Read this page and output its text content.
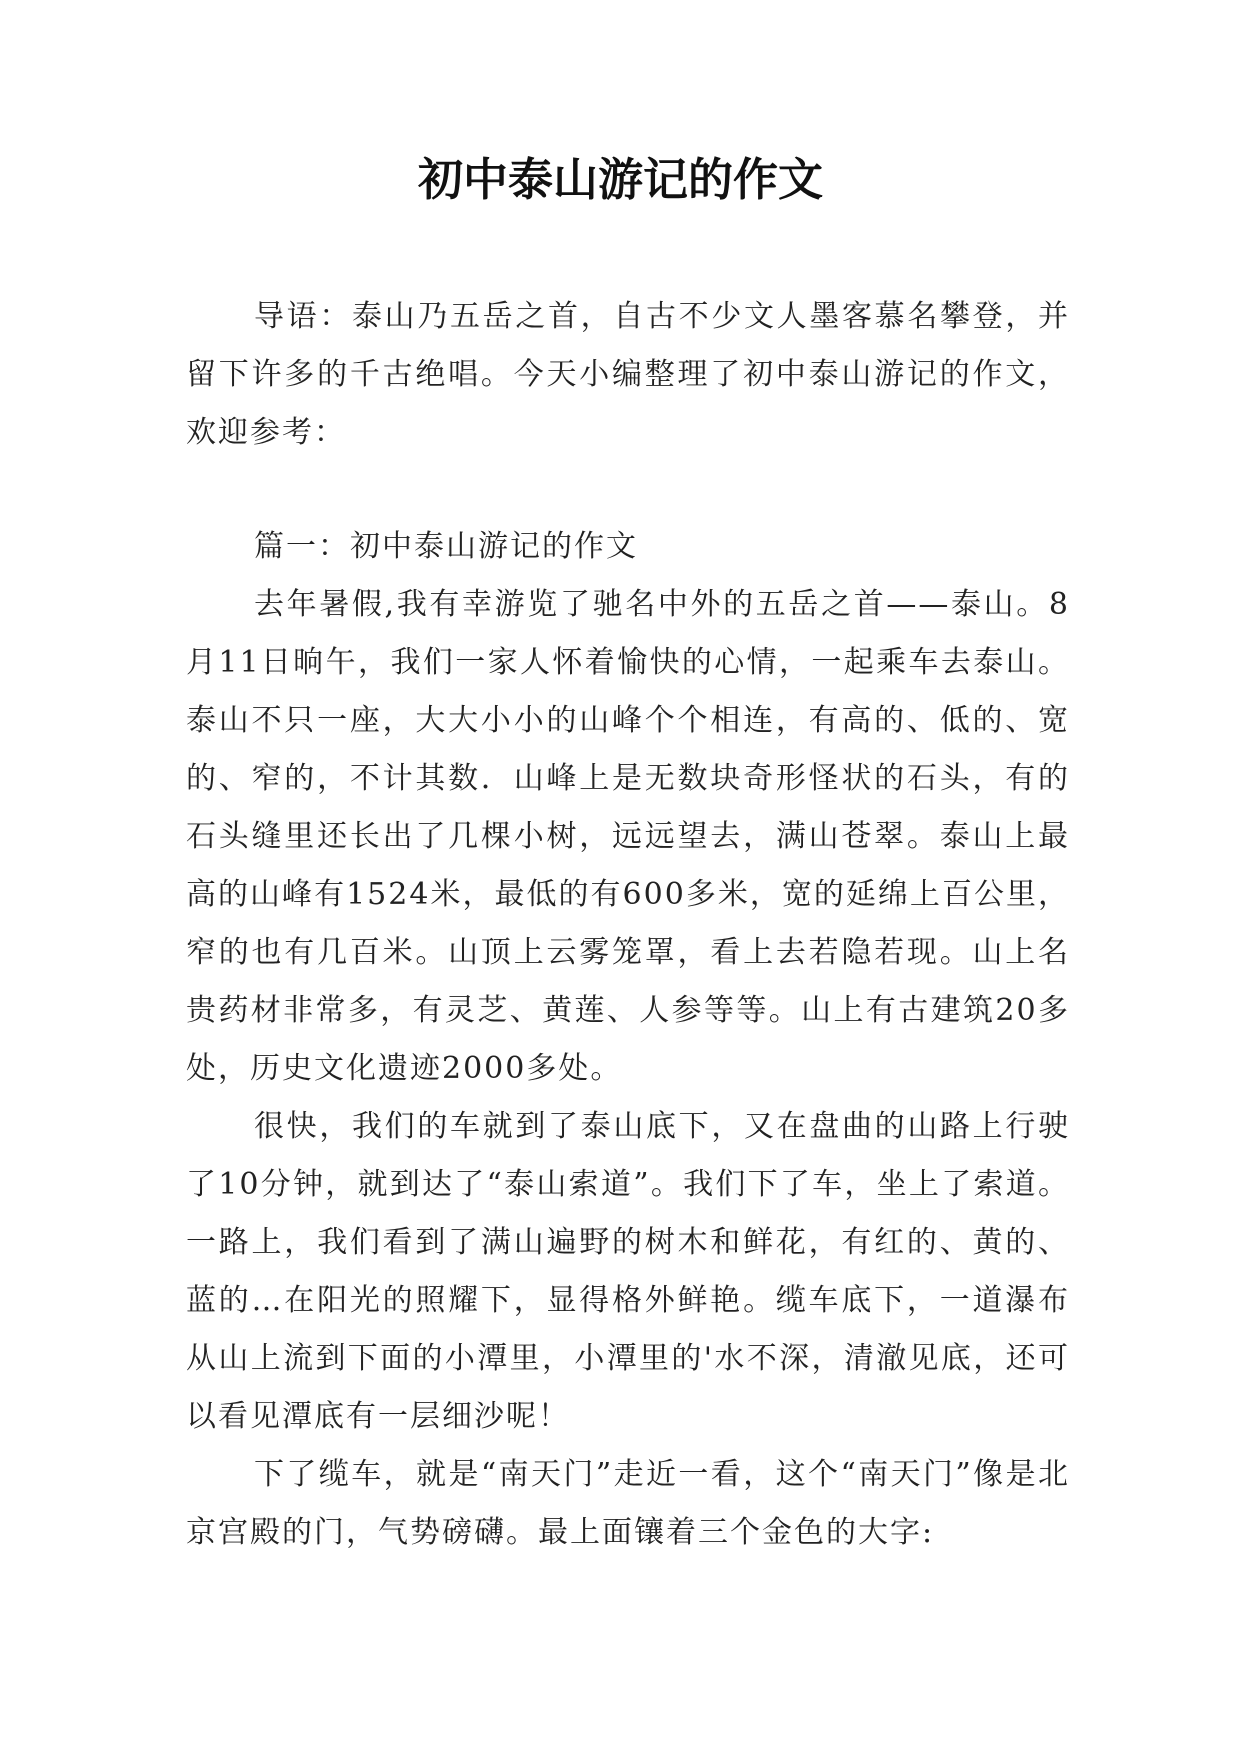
初中泰山游记的作文

导语：泰山乃五岳之首，自古不少文人墨客慕名攀登，并留下许多的千古绝唱。今天小编整理了初中泰山游记的作文，欢迎参考：

篇一：初中泰山游记的作文

去年暑假,我有幸游览了驰名中外的五岳之首——泰山。8月11日晌午，我们一家人怀着愉快的心情，一起乘车去泰山。泰山不只一座，大大小小的山峰个个相连，有高的、低的、宽的、窄的，不计其数．山峰上是无数块奇形怪状的石头，有的石头缝里还长出了几棵小树，远远望去，满山苍翠。泰山上最高的山峰有1524米，最低的有600多米，宽的延绵上百公里，窄的也有几百米。山顶上云雾笼罩，看上去若隐若现。山上名贵药材非常多，有灵芝、黄莲、人参等等。山上有古建筑20多处，历史文化遗迹2000多处。

很快，我们的车就到了泰山底下，又在盘曲的山路上行驶了10分钟，就到达了“泰山索道”。我们下了车，坐上了索道。一路上，我们看到了满山遍野的树木和鲜花，有红的、黄的、蓝的…在阳光的照耀下，显得格外鲜艳。缆车底下，一道瀑布从山上流到下面的小潭里，小潭里的'水不深，清澈见底，还可以看见潭底有一层细沙呢！

下了缆车，就是“南天门”走近一看，这个“南天门”像是北京宫殿的门，气势磅礴。最上面镶着三个金色的大字:
